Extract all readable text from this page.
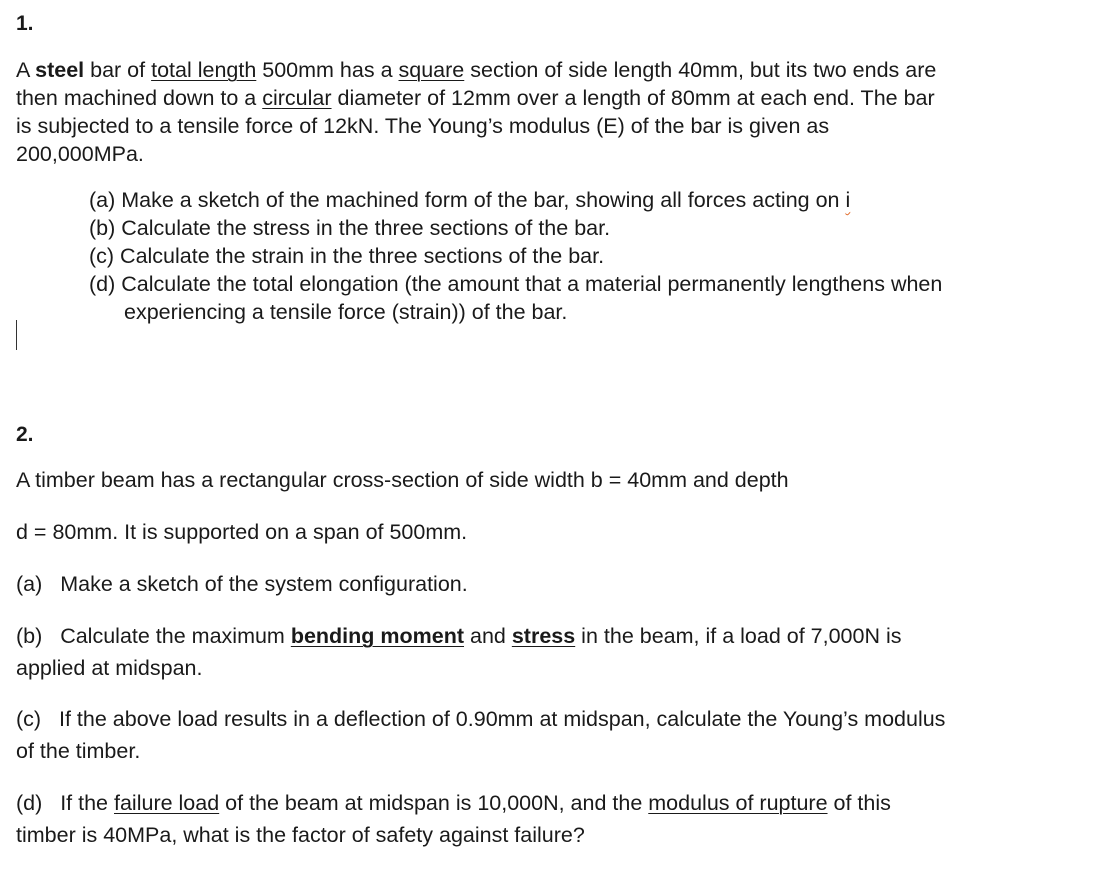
1.
A steel bar of total length 500mm has a square section of side length 40mm, but its two ends are
then machined down to a circular diameter of 12mm over a length of 80mm at each end. The bar
is subjected to a tensile force of 12kN. The Young’s modulus (E) of the bar is given as
200,000MPa.
(a) Make a sketch of the machined form of the bar, showing all forces acting on i
(b) Calculate the stress in the three sections of the bar.
(c) Calculate the strain in the three sections of the bar.
(d) Calculate the total elongation (the amount that a material permanently lengthens when
experiencing a tensile force (strain)) of the bar.
2.
A timber beam has a rectangular cross-section of side width b = 40mm and depth
d = 80mm. It is supported on a span of 500mm.
(a) Make a sketch of the system configuration.
(b) Calculate the maximum bending moment and stress in the beam, if a load of 7,000N is
applied at midspan.
(c) If the above load results in a deflection of 0.90mm at midspan, calculate the Young’s modulus
of the timber.
(d) If the failure load of the beam at midspan is 10,000N, and the modulus of rupture of this
timber is 40MPa, what is the factor of safety against failure?
